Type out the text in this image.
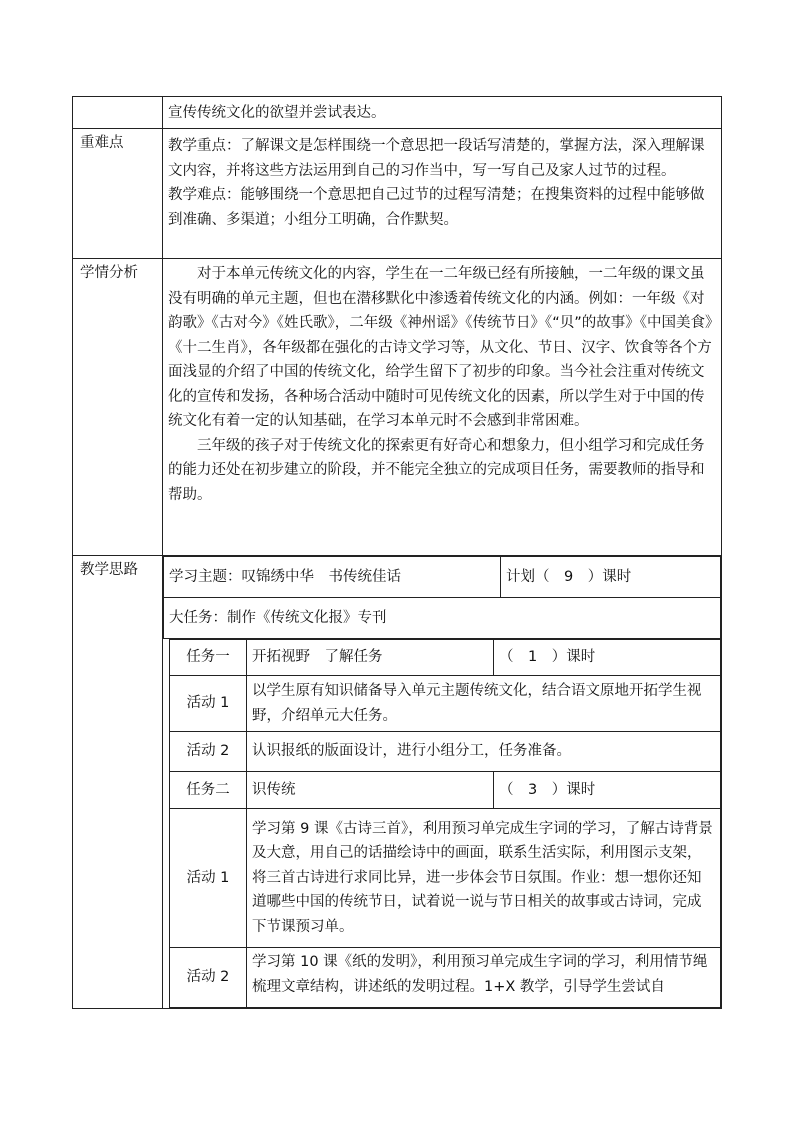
宣传传统文化的欲望并尝试表达。

重难点	教学重点：了解课文是怎样围绕一个意思把一段话写清楚的，掌握方法，深入理解课文内容，并将这些方法运用到自己的习作当中，写一写自己及家人过节的过程。

教学难点：能够围绕一个意思把自己过节的过程写清楚；在搜集资料的过程中能够做到准确、多渠道；小组分工明确，合作默契。

学情分析	对于本单元传统文化的内容，学生在一二年级已经有所接触，一二年级的课文虽没有明确的单元主题，但也在潜移默化中渗透着传统文化的内涵。例如：一年级《对韵歌》《古对今》《姓氏歌》，二年级《神州谣》《传统节日》《“贝”的故事》《中国美食》《十二生肖》，各年级都在强化的古诗文学习等，从文化、节日、汉字、饮食等各个方面浅显的介绍了中国的传统文化，给学生留下了初步的印象。当今社会注重对传统文化的宣传和发扬，各种场合活动中随时可见传统文化的因素，所以学生对于中国的传统文化有着一定的认知基础，在学习本单元时不会感到非常困难。

三年级的孩子对于传统文化的探索更有好奇心和想象力，但小组学习和完成任务的能力还处在初步建立的阶段，并不能完全独立的完成项目任务，需要教师的指导和帮助。

教学思路	学习主题：叹锦绣中华　书传统佳话	计划（　9　）课时
大任务：制作《传统文化报》专刊
任务一	开拓视野　了解任务	（　1　）课时
活动 1	以学生原有知识储备导入单元主题传统文化，结合语文原地开拓学生视野，介绍单元大任务。
活动 2	认识报纸的版面设计，进行小组分工，任务准备。
任务二	识传统	（　3　）课时
活动 1	学习第 9 课《古诗三首》，利用预习单完成生字词的学习，了解古诗背景及大意，用自己的话描绘诗中的画面，联系生活实际，利用图示支架，将三首古诗进行求同比异，进一步体会节日氛围。作业：想一想你还知道哪些中国的传统节日，试着说一说与节日相关的故事或古诗词，完成下节课预习单。
活动 2	学习第 10 课《纸的发明》，利用预习单完成生字词的学习，利用情节绳梳理文章结构，讲述纸的发明过程。1+X 教学，引导学生尝试自
